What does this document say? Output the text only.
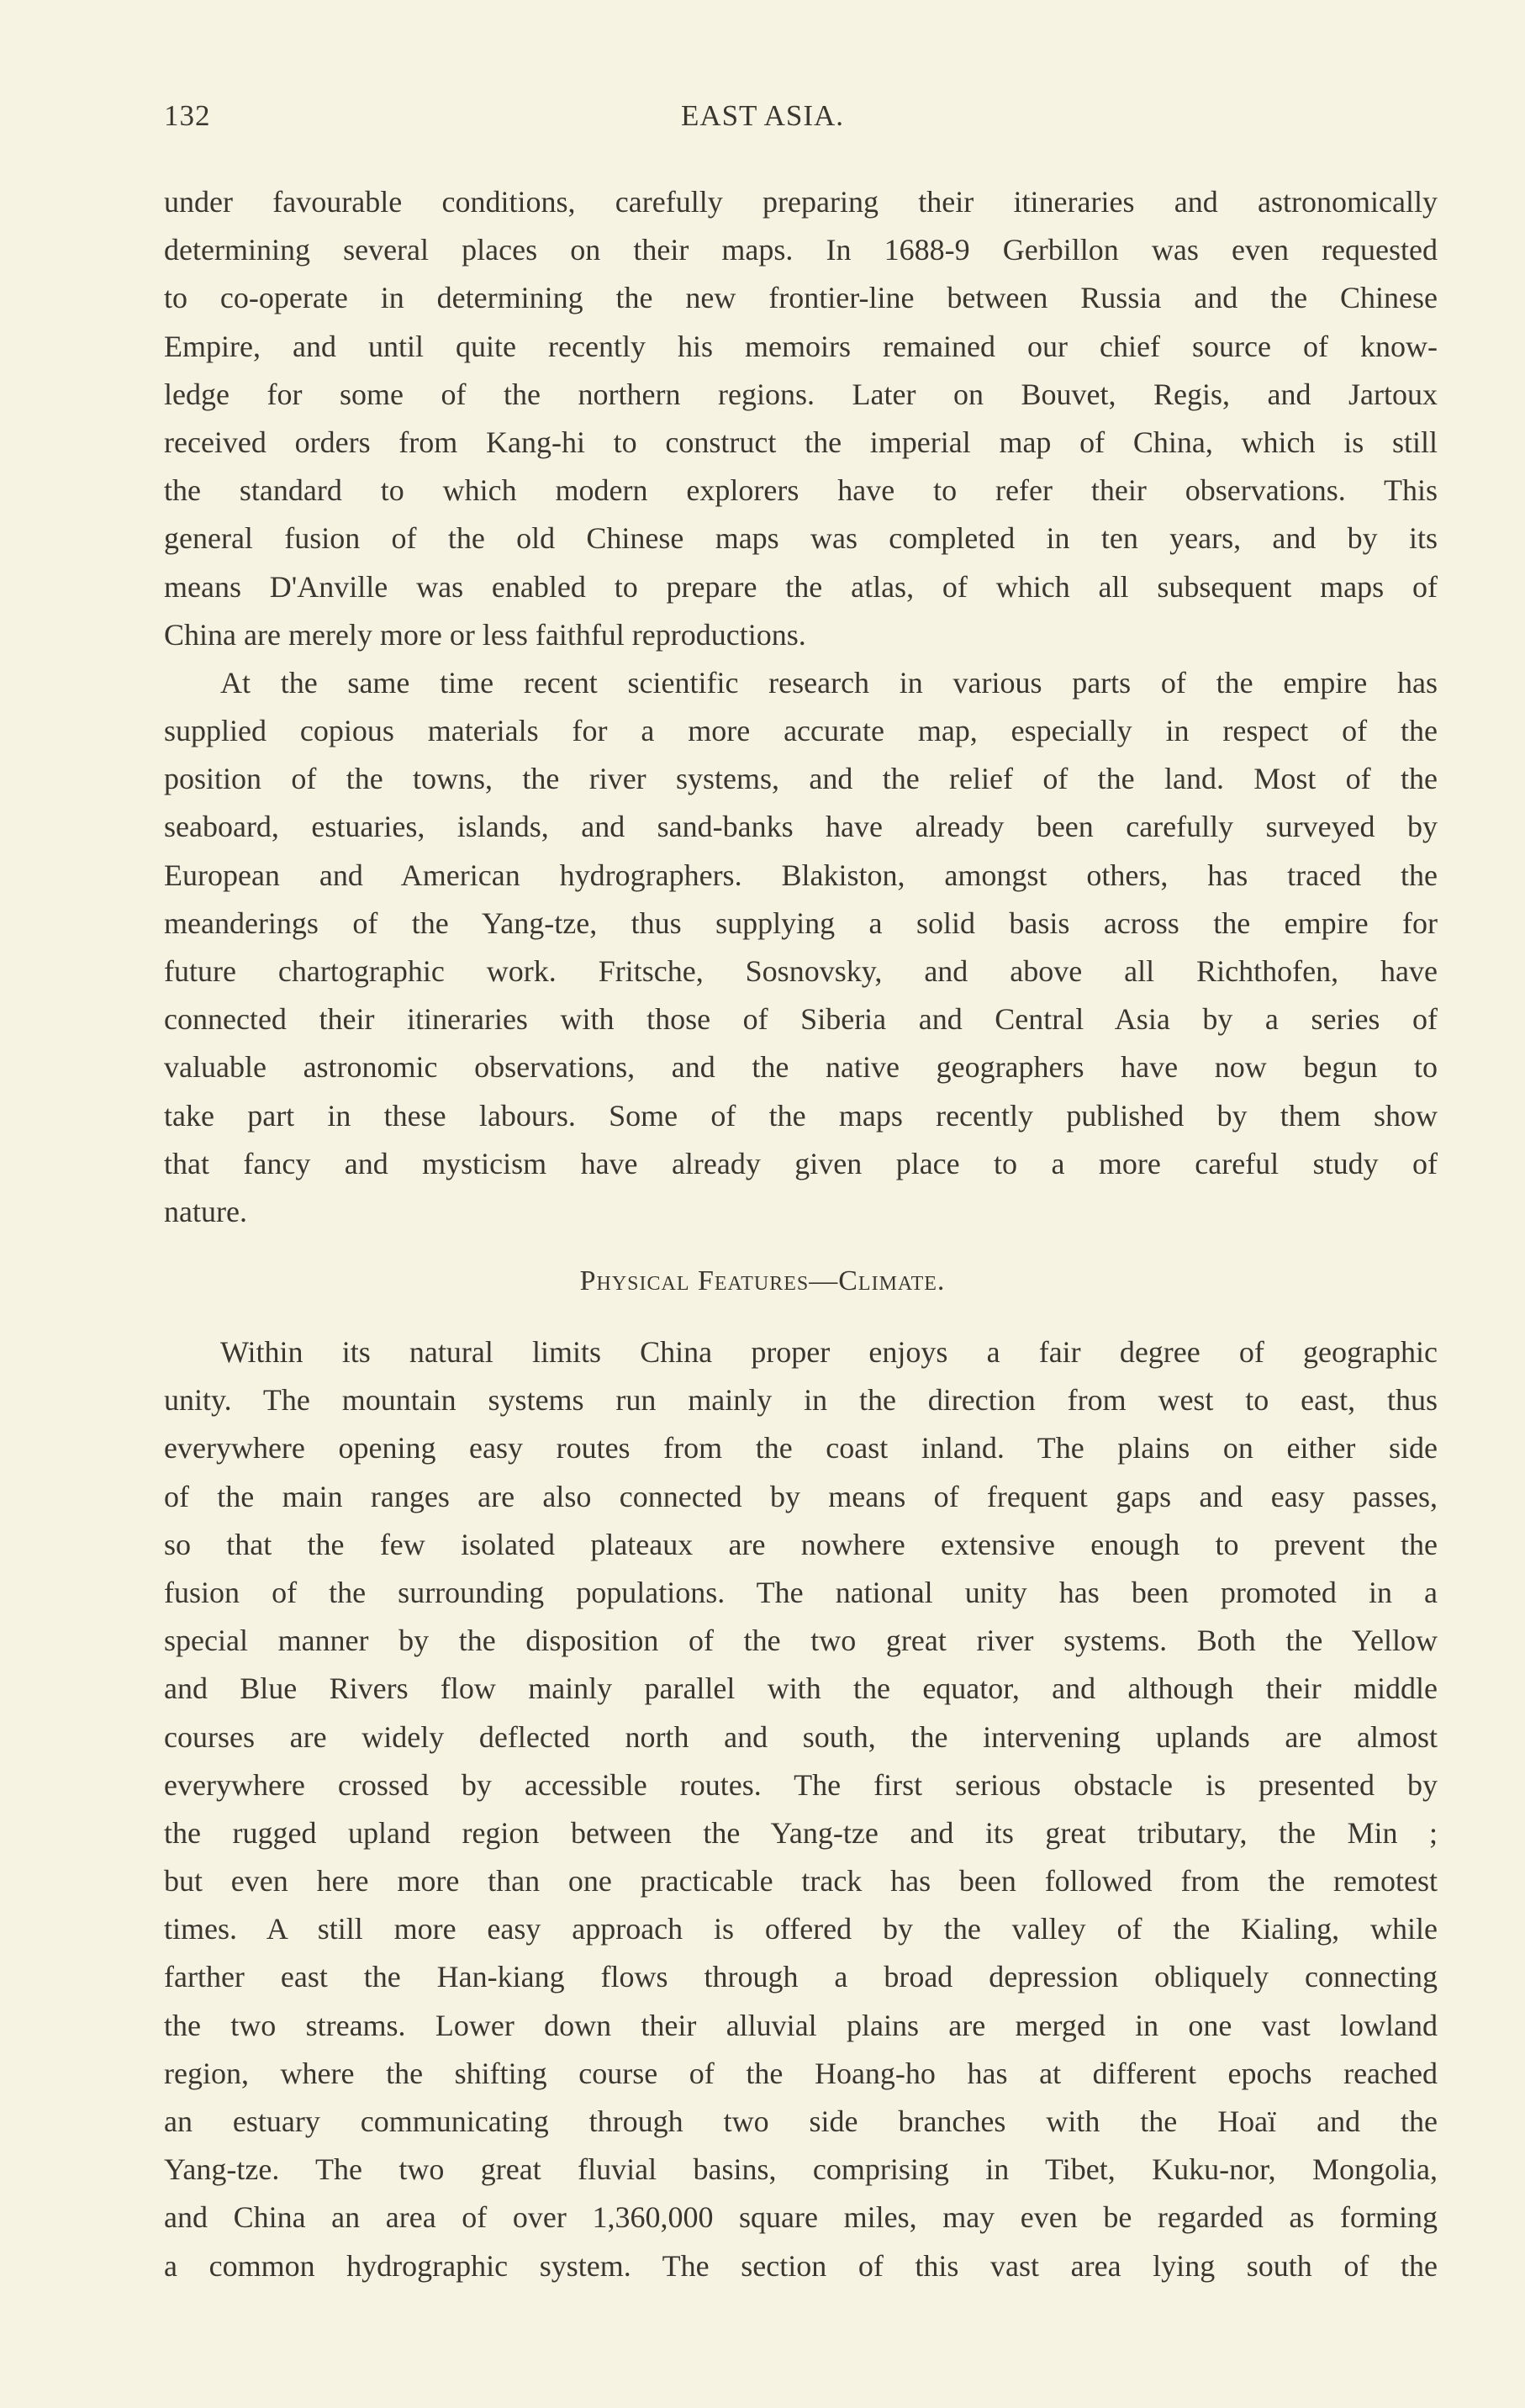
132	EAST ASIA.
under favourable conditions, carefully preparing their itineraries and astronomically
determining several places on their maps. In 1688-9 Gerbillon was even requested
to co-operate in determining the new frontier-line between Russia and the Chinese
Empire, and until quite recently his memoirs remained our chief source of know-
ledge for some of the northern regions. Later on Bouvet, Regis, and Jartoux
received orders from Kang-hi to construct the imperial map of China, which is still
the standard to which modern explorers have to refer their observations. This
general fusion of the old Chinese maps was completed in ten years, and by its
means D'Anville was enabled to prepare the atlas, of which all subsequent maps of
China are merely more or less faithful reproductions.
At the same time recent scientific research in various parts of the empire has
supplied copious materials for a more accurate map, especially in respect of the
position of the towns, the river systems, and the relief of the land. Most of the
seaboard, estuaries, islands, and sand-banks have already been carefully surveyed by
European and American hydrographers. Blakiston, amongst others, has traced the
meanderings of the Yang-tze, thus supplying a solid basis across the empire for
future chartographic work. Fritsche, Sosnovsky, and above all Richthofen, have
connected their itineraries with those of Siberia and Central Asia by a series of
valuable astronomic observations, and the native geographers have now begun to
take part in these labours. Some of the maps recently published by them show
that fancy and mysticism have already given place to a more careful study of
nature.
Physical Features—Climate.
Within its natural limits China proper enjoys a fair degree of geographic
unity. The mountain systems run mainly in the direction from west to east, thus
everywhere opening easy routes from the coast inland. The plains on either side
of the main ranges are also connected by means of frequent gaps and easy passes,
so that the few isolated plateaux are nowhere extensive enough to prevent the
fusion of the surrounding populations. The national unity has been promoted in a
special manner by the disposition of the two great river systems. Both the Yellow
and Blue Rivers flow mainly parallel with the equator, and although their middle
courses are widely deflected north and south, the intervening uplands are almost
everywhere crossed by accessible routes. The first serious obstacle is presented by
the rugged upland region between the Yang-tze and its great tributary, the Min ;
but even here more than one practicable track has been followed from the remotest
times. A still more easy approach is offered by the valley of the Kialing, while
farther east the Han-kiang flows through a broad depression obliquely connecting
the two streams. Lower down their alluvial plains are merged in one vast lowland
region, where the shifting course of the Hoang-ho has at different epochs reached
an estuary communicating through two side branches with the Hoaï and the
Yang-tze. The two great fluvial basins, comprising in Tibet, Kuku-nor, Mongolia,
and China an area of over 1,360,000 square miles, may even be regarded as forming
a common hydrographic system. The section of this vast area lying south of the
